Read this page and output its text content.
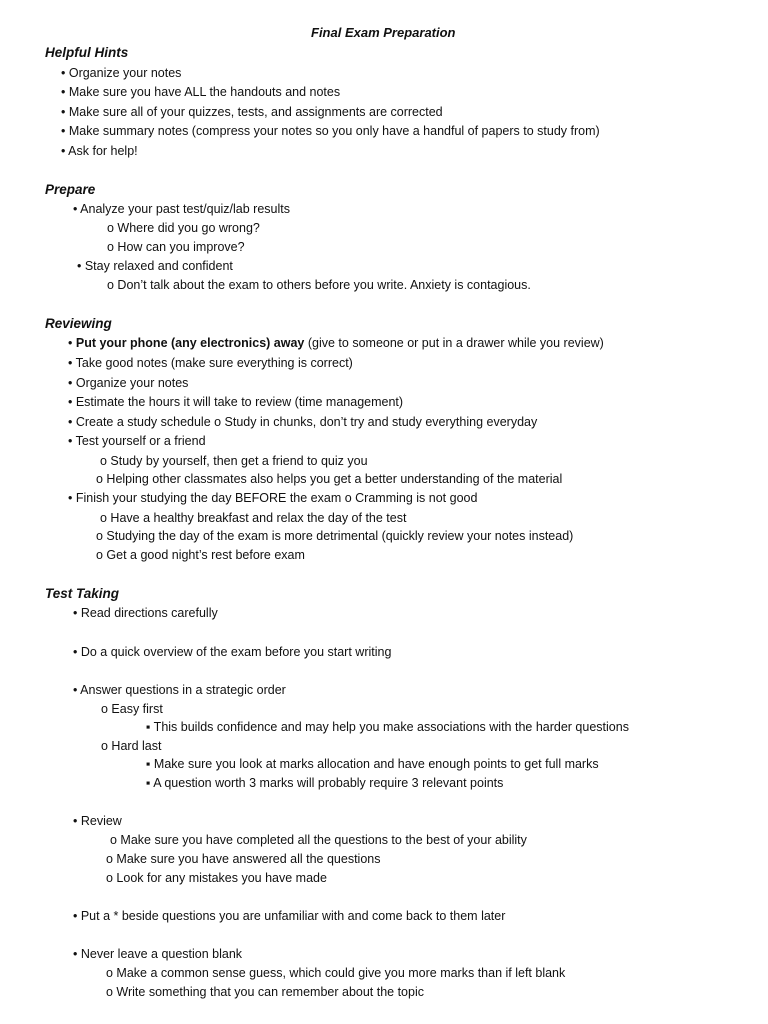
Final Exam Preparation
Helpful Hints
• Organize your notes
• Make sure you have ALL the handouts and notes
• Make sure all of your quizzes, tests, and assignments are corrected
• Make summary notes (compress your notes so you only have a handful of papers to study from)
• Ask for help!
Prepare
• Analyze your past test/quiz/lab results
o Where did you go wrong?
o How can you improve?
• Stay relaxed and confident
o Don’t talk about the exam to others before you write. Anxiety is contagious.
Reviewing
• Put your phone (any electronics) away (give to someone or put in a drawer while you review)
• Take good notes (make sure everything is correct)
• Organize your notes
• Estimate the hours it will take to review (time management)
• Create a study schedule o Study in chunks, don’t try and study everything everyday
• Test yourself or a friend
o Study by yourself, then get a friend to quiz you
o Helping other classmates also helps you get a better understanding of the material
• Finish your studying the day BEFORE the exam o Cramming is not good
o Have a healthy breakfast and relax the day of the test
o Studying the day of the exam is more detrimental (quickly review your notes instead)
o Get a good night’s rest before exam
Test Taking
• Read directions carefully
• Do a quick overview of the exam before you start writing
• Answer questions in a strategic order
o Easy first
▪ This builds confidence and may help you make associations with the harder questions
o Hard last
▪ Make sure you look at marks allocation and have enough points to get full marks
▪ A question worth 3 marks will probably require 3 relevant points
• Review
o Make sure you have completed all the questions to the best of your ability
o Make sure you have answered all the questions
o Look for any mistakes you have made
• Put a * beside questions you are unfamiliar with and come back to them later
• Never leave a question blank
o Make a common sense guess, which could give you more marks than if left blank
o Write something that you can remember about the topic
